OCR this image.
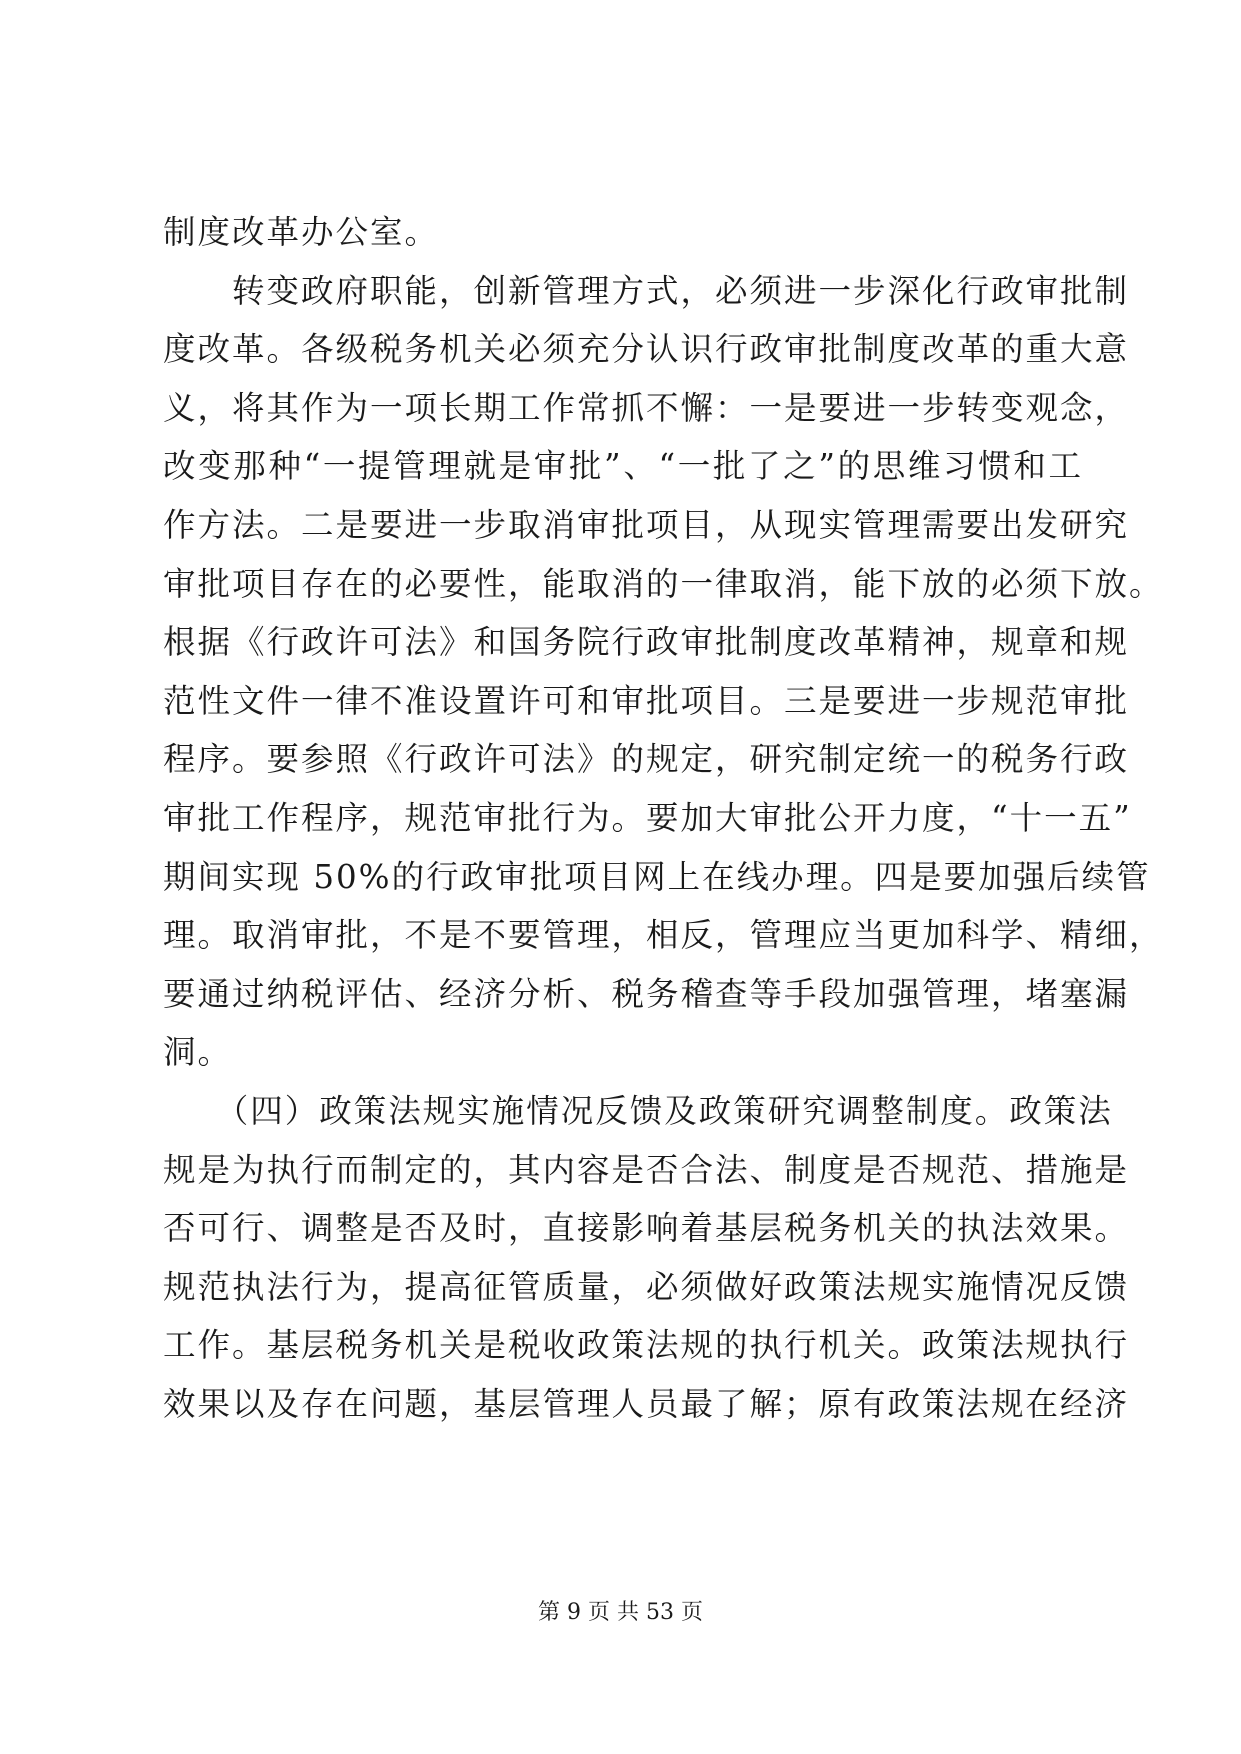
制度改革办公室。
　　转变政府职能，创新管理方式，必须进一步深化行政审批制
度改革。各级税务机关必须充分认识行政审批制度改革的重大意
义，将其作为一项长期工作常抓不懈：一是要进一步转变观念，
改变那种“一提管理就是审批”、“一批了之”的思维习惯和工
作方法。二是要进一步取消审批项目，从现实管理需要出发研究
审批项目存在的必要性，能取消的一律取消，能下放的必须下放。
根据《行政许可法》和国务院行政审批制度改革精神，规章和规
范性文件一律不准设置许可和审批项目。三是要进一步规范审批
程序。要参照《行政许可法》的规定，研究制定统一的税务行政
审批工作程序，规范审批行为。要加大审批公开力度，“十一五”
期间实现 50%的行政审批项目网上在线办理。四是要加强后续管
理。取消审批，不是不要管理，相反，管理应当更加科学、精细，
要通过纳税评估、经济分析、税务稽查等手段加强管理，堵塞漏
洞。
　　（四）政策法规实施情况反馈及政策研究调整制度。政策法
规是为执行而制定的，其内容是否合法、制度是否规范、措施是
否可行、调整是否及时，直接影响着基层税务机关的执法效果。
规范执法行为，提高征管质量，必须做好政策法规实施情况反馈
工作。基层税务机关是税收政策法规的执行机关。政策法规执行
效果以及存在问题，基层管理人员最了解；原有政策法规在经济
第 9 页 共 53 页
